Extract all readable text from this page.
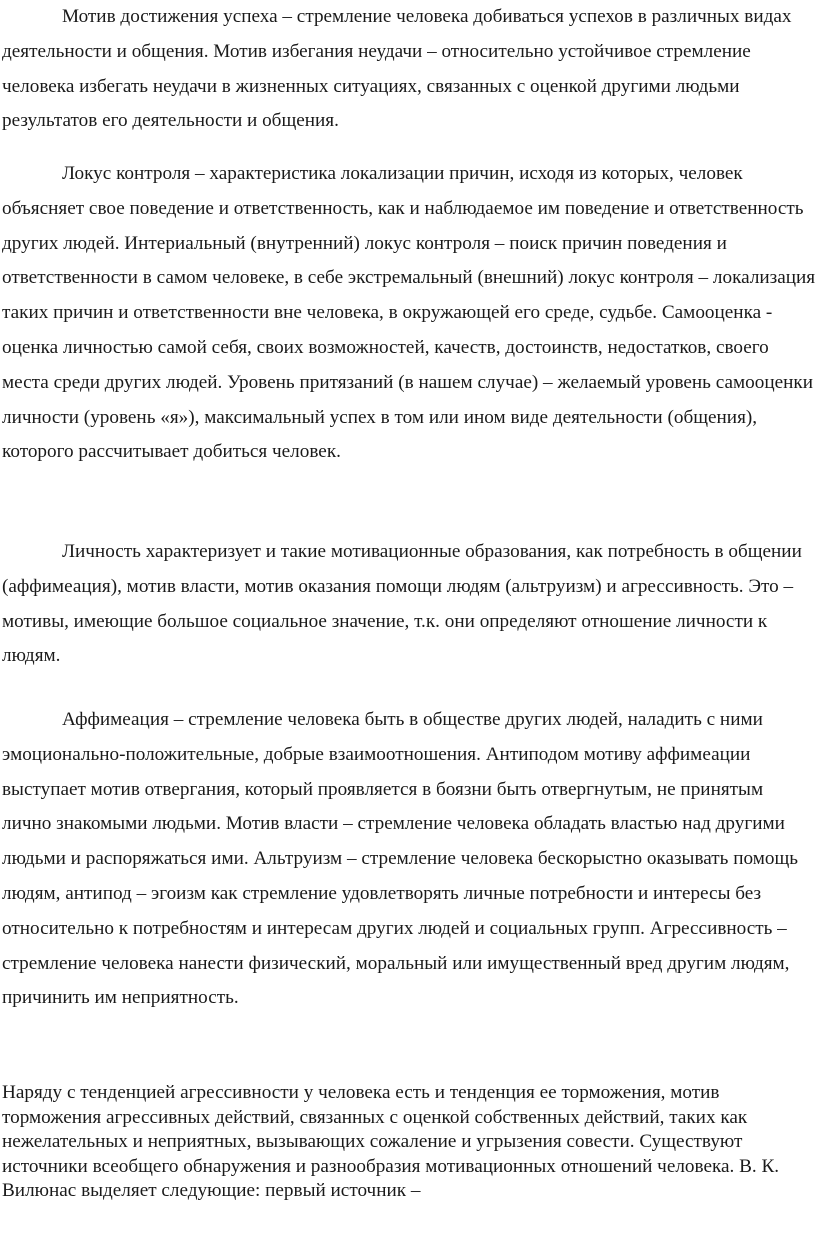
Мотив достижения успеха – стремление человека добиваться успехов в различных видах деятельности и общения. Мотив избегания неудачи – относительно устойчивое стремление человека избегать неудачи в жизненных ситуациях, связанных с оценкой другими людьми результатов его деятельности и общения.

Локус контроля – характеристика локализации причин, исходя из которых, человек объясняет свое поведение и ответственность, как и наблюдаемое им поведение и ответственность других людей. Интериальный (внутренний) локус контроля – поиск причин поведения и ответственности в самом человеке, в себе экстремальный (внешний) локус контроля – локализация таких причин и ответственности вне человека, в окружающей его среде, судьбе. Самооценка - оценка личностью самой себя, своих возможностей, качеств, достоинств, недостатков, своего места среди других людей. Уровень притязаний (в нашем случае) – желаемый уровень самооценки личности (уровень «я»), максимальный успех в том или ином виде деятельности (общения), которого рассчитывает добиться человек.

Личность характеризует и такие мотивационные образования, как потребность в общении (аффимеация), мотив власти, мотив оказания помощи людям (альтруизм) и агрессивность. Это – мотивы, имеющие большое социальное значение, т.к. они определяют отношение личности к людям.

Аффимеация – стремление человека быть в обществе других людей, наладить с ними эмоционально-положительные, добрые взаимоотношения. Антиподом мотиву аффимеации выступает мотив отвергания, который проявляется в боязни быть отвергнутым, не принятым лично знакомыми людьми. Мотив власти – стремление человека обладать властью над другими людьми и распоряжаться ими. Альтруизм – стремление человека бескорыстно оказывать помощь людям, антипод – эгоизм как стремление удовлетворять личные потребности и интересы без относительно к потребностям и интересам других людей и социальных групп. Агрессивность – стремление человека нанести физический, моральный или имущественный вред другим людям, причинить им неприятность.

Наряду с тенденцией агрессивности у человека есть и тенденция ее торможения, мотив торможения агрессивных действий, связанных с оценкой собственных действий, таких как нежелательных и неприятных, вызывающих сожаление и угрызения совести. Существуют источники всеобщего обнаружения и разнообразия мотивационных отношений человека. В. К. Вилюнас выделяет следующие: первый источник –
